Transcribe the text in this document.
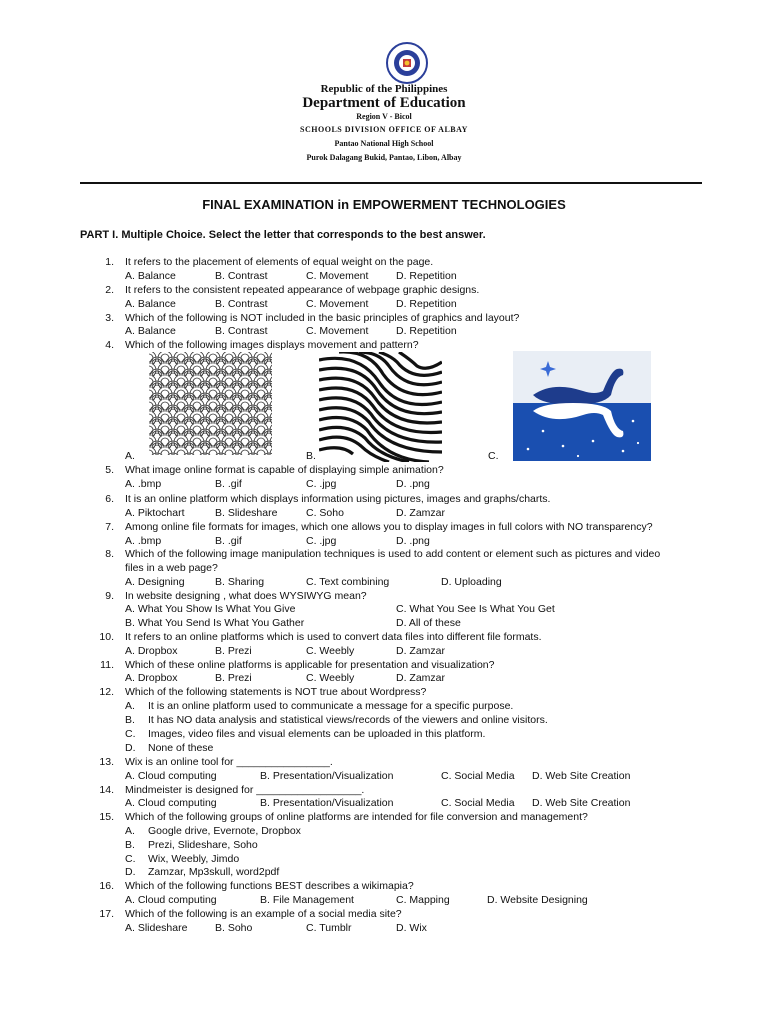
Republic of the Philippines
Department of Education
Region V - Bicol
SCHOOLS DIVISION OFFICE OF ALBAY
Pantao National High School
Purok Dalagang Bukid, Pantao, Libon, Albay
FINAL EXAMINATION in EMPOWERMENT TECHNOLOGIES
PART I. Multiple Choice. Select the letter that corresponds to the best answer.
1. It refers to the placement of elements of equal weight on the page.
A. Balance	B. Contrast	C. Movement	D. Repetition
2. It refers to the consistent repeated appearance of webpage graphic designs.
A. Balance	B. Contrast	C. Movement	D. Repetition
3. Which of the following is NOT included in the basic principles of graphics and layout?
A. Balance	B. Contrast	C. Movement	D. Repetition
4. Which of the following images displays movement and pattern?
A.	B.	C.
5. What image online format is capable of displaying simple animation?
A. .bmp	B. .gif	C. .jpg	D. .png
6. It is an online platform which displays information using pictures, images and graphs/charts.
A. Piktochart	B. Slideshare	C. Soho	D. Zamzar
7. Among online file formats for images, which one allows you to display images in full colors with NO transparency?
A. .bmp	B. .gif	C. .jpg	D. .png
8. Which of the following image manipulation techniques is used to add content or element such as pictures and video
files in a web page?
A. Designing	B. Sharing	C. Text combining	D. Uploading
9. In website designing , what does WYSIWYG mean?
A. What You Show Is What You Give	C. What You See Is What You Get
B. What You Send Is What You Gather	D. All of these
10. It refers to an online platforms which is used to convert data files into different file formats.
A. Dropbox	B. Prezi	C. Weebly	D. Zamzar
11. Which of these online platforms is applicable for presentation and visualization?
A. Dropbox	B. Prezi	C. Weebly	D. Zamzar
12. Which of the following statements is NOT true about Wordpress?
A. It is an online platform used to communicate a message for a specific purpose.
B. It has NO data analysis and statistical views/records of the viewers and online visitors.
C. Images, video files and visual elements can be uploaded in this platform.
D. None of these
13. Wix is an online tool for ________________.
A. Cloud computing	B. Presentation/Visualization	C. Social Media D. Web Site Creation
14. Mindmeister is designed for __________________.
A. Cloud computing	B. Presentation/Visualization	C. Social Media D. Web Site Creation
15. Which of the following groups of online platforms are intended for file conversion and management?
A. Google drive, Evernote, Dropbox
B. Prezi, Slideshare, Soho
C. Wix, Weebly, Jimdo
D. Zamzar, Mp3skull, word2pdf
16. Which of the following functions BEST describes a wikimapia?
A. Cloud computing	B. File Management	C. Mapping	D. Website Designing
17. Which of the following is an example of a social media site?
A. Slideshare	B. Soho	C. Tumblr	D. Wix
